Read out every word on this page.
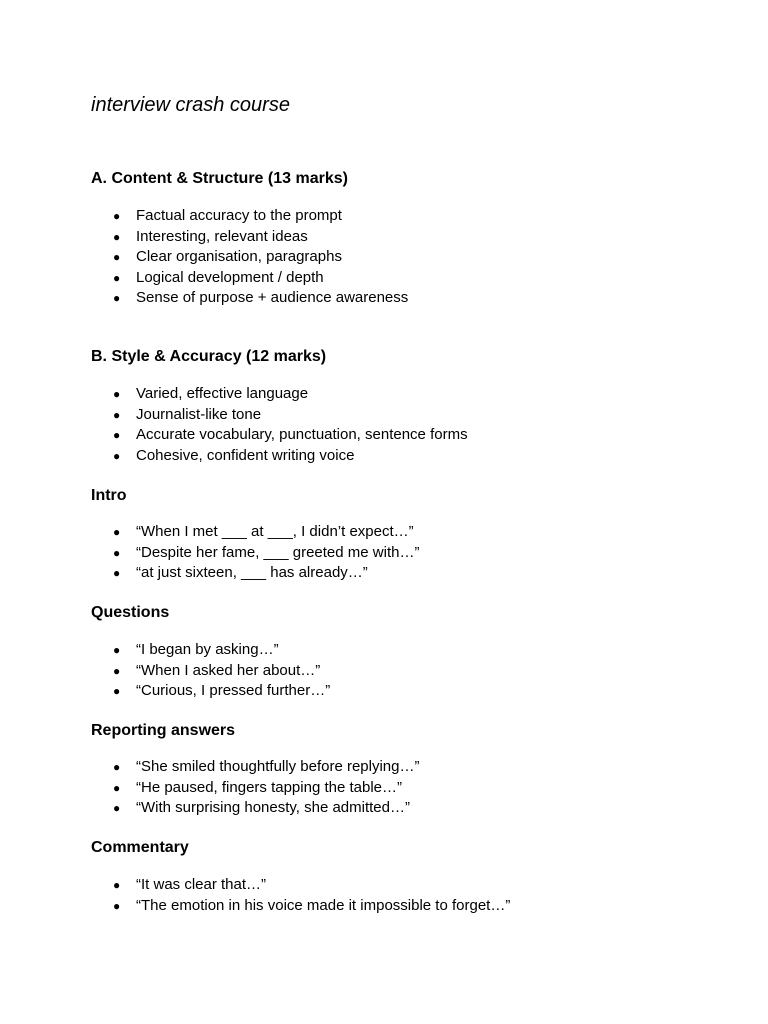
interview crash course
A. Content & Structure (13 marks)
● Factual accuracy to the prompt
● Interesting, relevant ideas
● Clear organisation, paragraphs
● Logical development / depth
● Sense of purpose + audience awareness
B. Style & Accuracy (12 marks)
● Varied, effective language
● Journalist-like tone
● Accurate vocabulary, punctuation, sentence forms
● Cohesive, confident writing voice
Intro
● “When I met ___ at ___, I didn’t expect…”
● “Despite her fame, ___ greeted me with…”
● “at just sixteen, ___ has already…”
Questions
● “I began by asking…”
● “When I asked her about…”
● “Curious, I pressed further…”
Reporting answers
● “She smiled thoughtfully before replying…”
● “He paused, fingers tapping the table…”
● “With surprising honesty, she admitted…”
Commentary
● “It was clear that…”
● “The emotion in his voice made it impossible to forget…”
